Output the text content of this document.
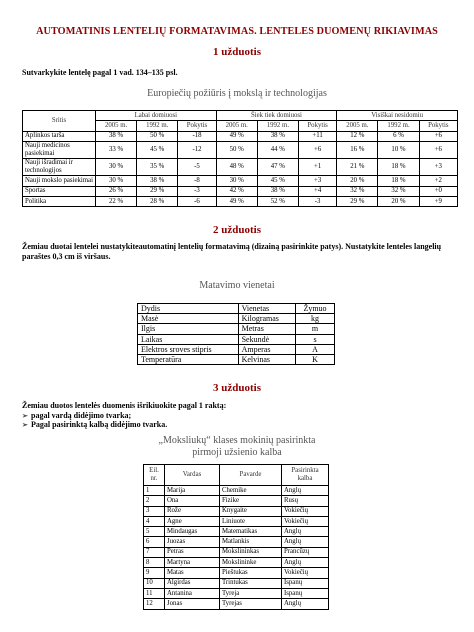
AUTOMATINIS LENTELIŲ FORMATAVIMAS. LENTELES DUOMENŲ RIKIAVIMAS
1 užduotis
Sutvarkykite lentelę pagal 1 vad. 134–135 psl.
Europiečių požiūris į mokslą ir technologijas
Sritis	Labai domiuosi			Šiek tiek domiuosi			Visiškai nesidomiu		
	2005 m.	1992 m.	Pokytis	2005 m.	1992 m.	Pokytis	2005 m.	1992 m.	Pokytis
Aplinkos tarša	38 %	50 %	-18	49 %	38 %	+11	12 %	6 %	+6
Nauji medicinos pasiekimai	33 %	45 %	-12	50 %	44 %	+6	16 %	10 %	+6
Nauji išradimai ir technologijos	30 %	35 %	-5	48 %	47 %	+1	21 %	18 %	+3
Nauji mokslo pasiekimai	30 %	38 %	-8	30 %	45 %	+3	20 %	18 %	+2
Sportas	26 %	29 %	-3	42 %	38 %	+4	32 %	32 %	+0
Politika	22 %	28 %	-6	49 %	52 %	-3	29 %	20 %	+9
2 užduotis
Žemiau duotai lentelei nustatykiteautomatinį lentelių formatavimą (dizainą pasirinkite patys). Nustatykite lenteles langelių paraštes 0,3 cm iš viršaus.
Matavimo vienetai
Dydis	Vienetas	Žymuo
Masė	Kilogramas	kg
Ilgis	Metras	m
Laikas	Sekundė	s
Elektros sroves stipris	Amperas	A
Temperatūra	Kelvinas	K
3 užduotis
Žemiau duotos lentelės duomenis išrikiuokite pagal 1 raktą:
➢ pagal vardą didėjimo tvarka;
➢ Pagal pasirinktą kalbą didėjimo tvarka.
„Moksliukų“ klases mokinių pasirinkta
pirmoji užsienio kalba
Eil. nr.	Vardas	Pavarde	Pasirinkta kalba
1	Marija	Chemike	Anglų
2	Ona	Fizike	Rusų
3	Rože	Knygaite	Vokiečių
4	Agne	Liniuote	Vokiečių
5	Mindaugas	Matematikas	Anglų
6	Juozas	Matlankis	Anglų
7	Petras	Mokslininkas	Prancūzų
8	Martyna	Mokslininke	Anglų
9	Matas	Pieštukas	Vokiečių
10	Algirdas	Trintukas	Ispanų
11	Antanina	Tyreja	Ispanų
12	Jonas	Tyrejas	Anglų
